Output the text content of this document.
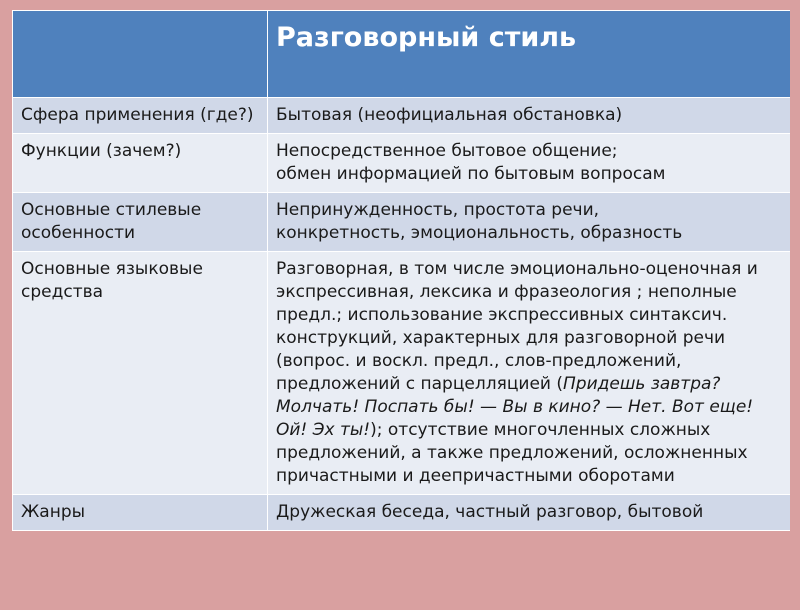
	Разговорный стиль
Сфера применения (где?)	Бытовая (неофициальная обстановка)

Функции (зачем?)	Непосредственное бытовое общение;
обмен информацией по бытовым вопросам

Основные стилевые особенности	Непринужденность, простота речи,
конкретность, эмоциональность, образность

Основные языковые средства	Разговорная, в том числе эмоционально-оценочная и экспрессивная, лексика и фразеология ; неполные предл.; использование экспрессивных синтаксич. конструкций, характерных для разговорной речи (вопрос. и воскл. предл., слов-предложений, предложений с парцелляцией (Придешь завтра? Молчать! Поспать бы! — Вы в кино? — Нет. Вот еще! Ой! Эх ты!); отсутствие многочленных сложных предложений, а также предложений, осложненных причастными и деепричастными оборотами
Жанры	Дружеская беседа, частный разговор, бытовой
